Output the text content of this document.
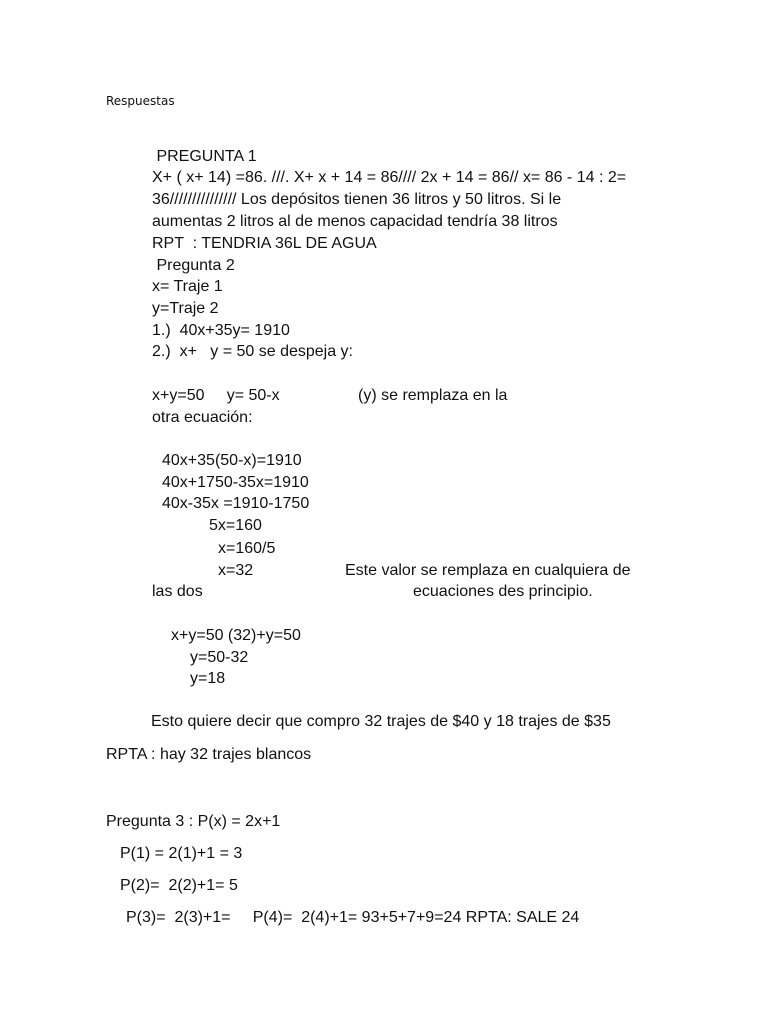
Respuestas
PREGUNTA 1
X+ ( x+ 14) =86. ///. X+ x + 14 = 86//// 2x + 14 = 86// x= 86 - 14 : 2=
36/////////////// Los depósitos tienen 36 litros y 50 litros. Si le
aumentas 2 litros al de menos capacidad tendría 38 litros
RPT  : TENDRIA 36L DE AGUA
Pregunta 2
x= Traje 1
y=Traje 2
1.)  40x+35y= 1910
2.)  x+   y = 50 se despeja y:
x+y=50     y= 50-x	(y) se remplaza en la
otra ecuación:
40x+35(50-x)=1910
40x+1750-35x=1910
40x-35x =1910-1750
5x=160
x=160/5
x=32	Este valor se remplaza en cualquiera de
las dos	ecuaciones des principio.
x+y=50 (32)+y=50
y=50-32
y=18
Esto quiere decir que compro 32 trajes de $40 y 18 trajes de $35
RPTA : hay 32 trajes blancos
Pregunta 3 : P(x) = 2x+1
P(1) = 2(1)+1 = 3
P(2)=  2(2)+1= 5
P(3)=  2(3)+1=     P(4)=  2(4)+1= 93+5+7+9=24 RPTA: SALE 24
